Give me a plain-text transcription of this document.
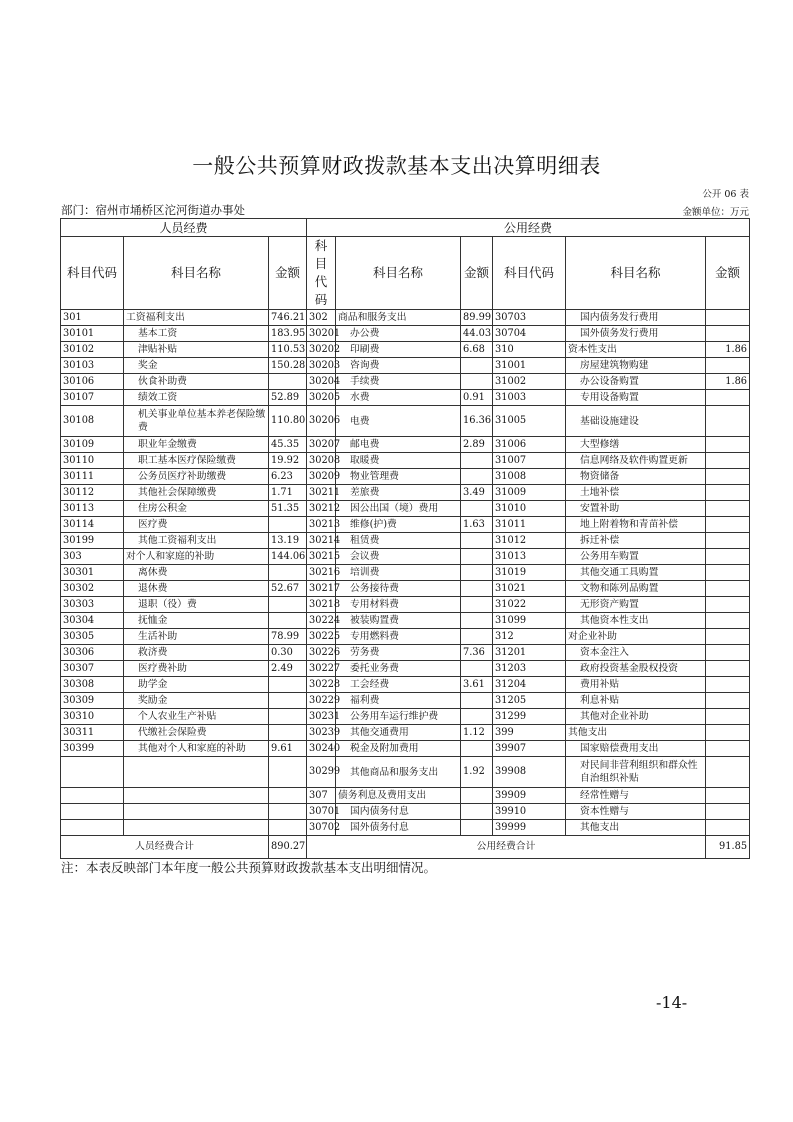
一般公共预算财政拨款基本支出决算明细表
公开 06 表
部门：宿州市埇桥区沱河街道办事处	金额单位：万元
人员经费			公用经费					
科目代码	科目名称	金额	科目代码	科目名称	金额	科目代码	科目名称	金额
301	工资福利支出	746.21	302	商品和服务支出	89.99	30703	国内债务发行费用	
30101	基本工资	183.95	30201	办公费	44.03	30704	国外债务发行费用	
30102	津贴补贴	110.53	30202	印刷费	6.68	310	资本性支出	1.86
30103	奖金	150.28	30203	咨询费		31001	房屋建筑物购建	
30106	伙食补助费		30204	手续费		31002	办公设备购置	1.86
30107	绩效工资	52.89	30205	水费	0.91	31003	专用设备购置	
30108	机关事业单位基本养老保险缴费	110.80	30206	电费	16.36	31005	基础设施建设	
30109	职业年金缴费	45.35	30207	邮电费	2.89	31006	大型修缮	
30110	职工基本医疗保险缴费	19.92	30208	取暖费		31007	信息网络及软件购置更新	
30111	公务员医疗补助缴费	6.23	30209	物业管理费		31008	物资储备	
30112	其他社会保障缴费	1.71	30211	差旅费	3.49	31009	土地补偿	
30113	住房公积金	51.35	30212	因公出国（境）费用		31010	安置补助	
30114	医疗费		30213	维修(护)费	1.63	31011	地上附着物和青苗补偿	
30199	其他工资福利支出	13.19	30214	租赁费		31012	拆迁补偿	
303	对个人和家庭的补助	144.06	30215	会议费		31013	公务用车购置	
30301	离休费		30216	培训费		31019	其他交通工具购置	
30302	退休费	52.67	30217	公务接待费		31021	文物和陈列品购置	
30303	退职（役）费		30218	专用材料费		31022	无形资产购置	
30304	抚恤金		30224	被装购置费		31099	其他资本性支出	
30305	生活补助	78.99	30225	专用燃料费		312	对企业补助	
30306	救济费	0.30	30226	劳务费	7.36	31201	资本金注入	
30307	医疗费补助	2.49	30227	委托业务费		31203	政府投资基金股权投资	
30308	助学金		30228	工会经费	3.61	31204	费用补贴	
30309	奖励金		30229	福利费		31205	利息补贴	
30310	个人农业生产补贴		30231	公务用车运行维护费		31299	其他对企业补助	
30311	代缴社会保险费		30239	其他交通费用	1.12	399	其他支出	
30399	其他对个人和家庭的补助	9.61	30240	税金及附加费用		39907	国家赔偿费用支出	
			30299	其他商品和服务支出	1.92	39908	对民间非营利组织和群众性自治组织补贴	
			307	债务利息及费用支出		39909	经常性赠与	
			30701	国内债务付息		39910	资本性赠与	
			30702	国外债务付息		39999	其他支出	
人员经费合计		890.27	公用经费合计					91.85
注：本表反映部门本年度一般公共预算财政拨款基本支出明细情况。
-14-
